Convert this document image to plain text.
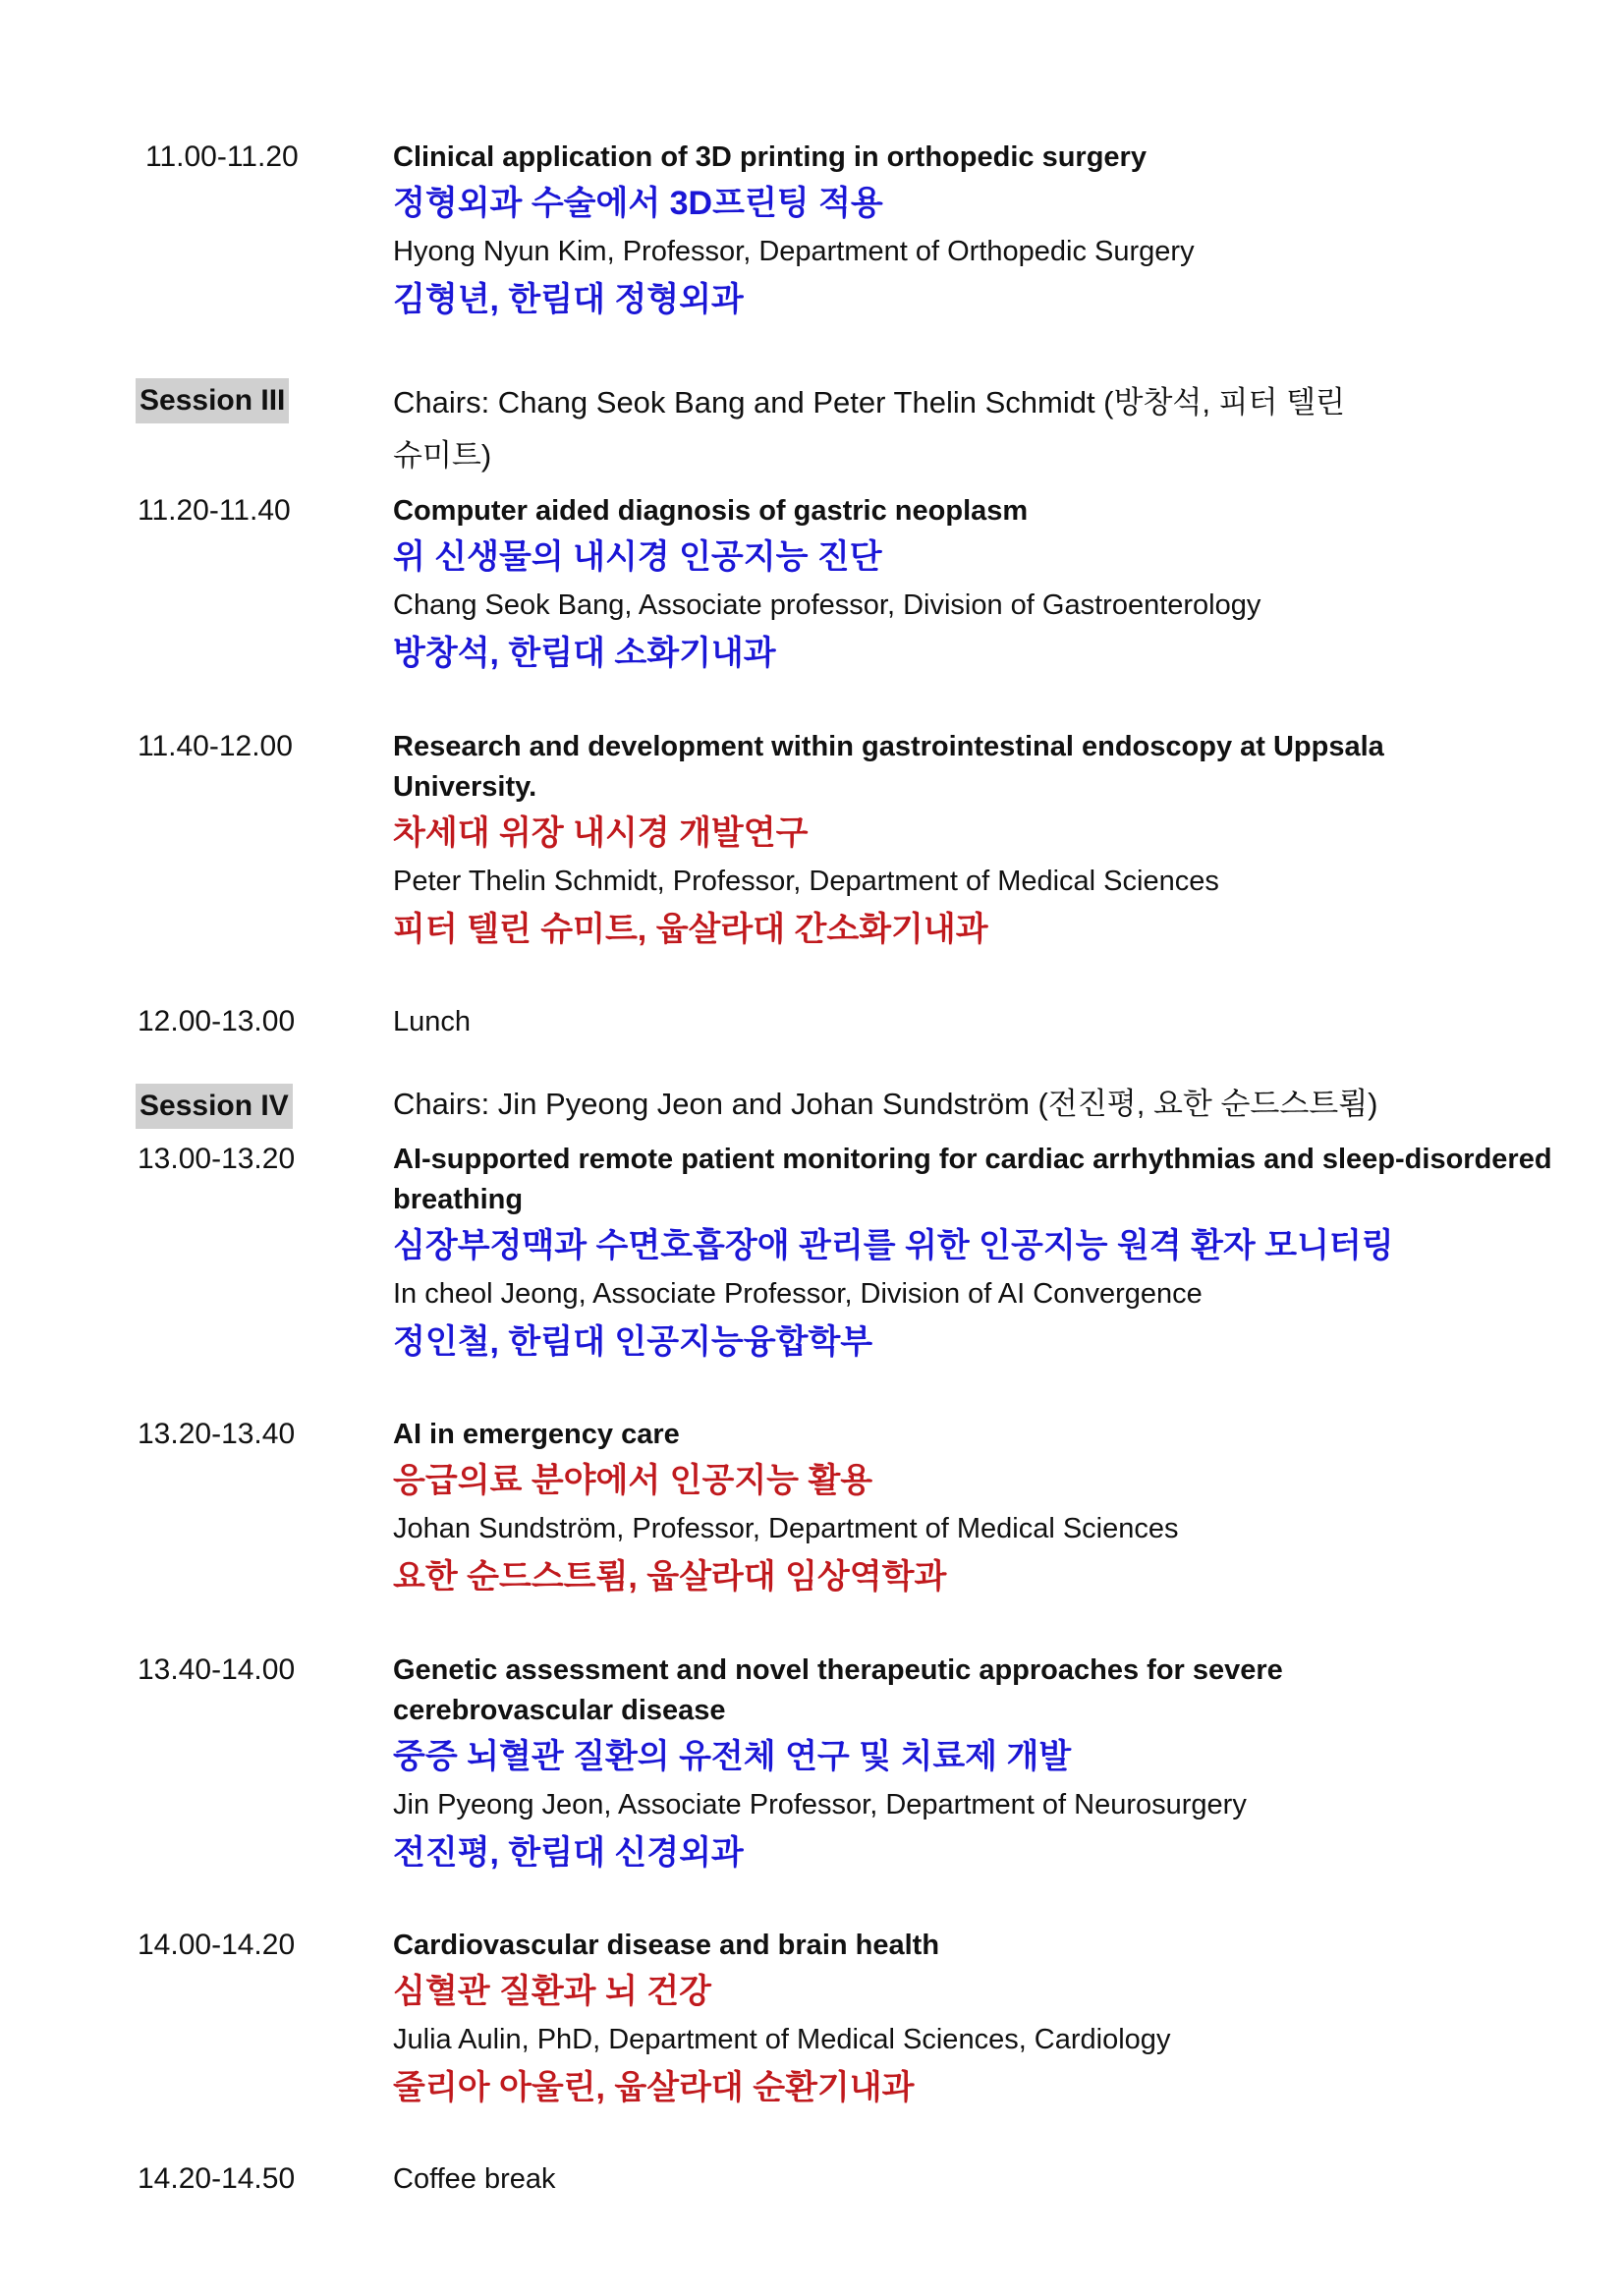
11.00-11.20	Clinical application of 3D printing in orthopedic surgery
정형외과 수술에서 3D프린팅 적용
Hyong Nyun Kim, Professor, Department of Orthopedic Surgery
김형년, 한림대 정형외과
Session III	Chairs: Chang Seok Bang and Peter Thelin Schmidt (방창석, 피터 텔린 슈미트)
11.20-11.40	Computer aided diagnosis of gastric neoplasm
위 신생물의 내시경 인공지능 진단
Chang Seok Bang, Associate professor, Division of Gastroenterology
방창석, 한림대 소화기내과
11.40-12.00	Research and development within gastrointestinal endoscopy at Uppsala University.
차세대 위장 내시경 개발연구
Peter Thelin Schmidt, Professor, Department of Medical Sciences
피터 텔린 슈미트, 웁살라대 간소화기내과
12.00-13.00	Lunch
Session IV	Chairs: Jin Pyeong Jeon and Johan Sundström (전진평, 요한 순드스트룀)
13.00-13.20	AI-supported remote patient monitoring for cardiac arrhythmias and sleep-disordered breathing
심장부정맥과 수면호흡장애 관리를 위한 인공지능 원격 환자 모니터링
In cheol Jeong, Associate Professor, Division of AI Convergence
정인철, 한림대 인공지능융합학부
13.20-13.40	AI in emergency care
응급의료 분야에서 인공지능 활용
Johan Sundström, Professor, Department of Medical Sciences
요한 순드스트룀, 웁살라대 임상역학과
13.40-14.00	Genetic assessment and novel therapeutic approaches for severe cerebrovascular disease
중증 뇌혈관 질환의 유전체 연구 및 치료제 개발
Jin Pyeong Jeon, Associate Professor, Department of Neurosurgery
전진평, 한림대 신경외과
14.00-14.20	Cardiovascular disease and brain health
심혈관 질환과 뇌 건강
Julia Aulin, PhD, Department of Medical Sciences, Cardiology
줄리아 아울린, 웁살라대 순환기내과
14.20-14.50	Coffee break
